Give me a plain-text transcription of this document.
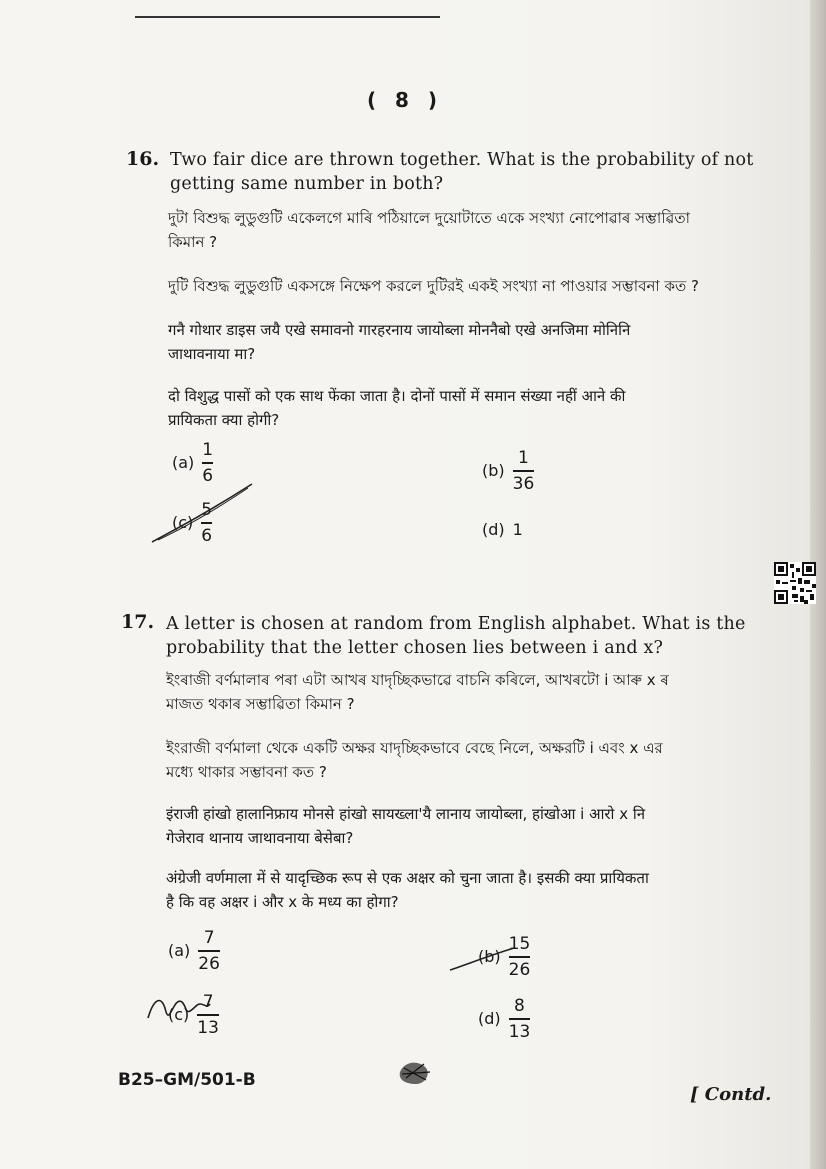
( 8 )
16. Two fair dice are thrown together. What is the probability of not
getting same number in both?
দুটা বিশুদ্ধ লুডুগুটি একেলগে মাৰি পঠিয়ালে দুয়োটাতে একে সংখ্যা নোপোৱাৰ সম্ভাৱিতা
কিমান ?
দুটি বিশুদ্ধ লুডুগুটি একসঙ্গে নিক্ষেপ করলে দুটিরই একই সংখ্যা না পাওয়ার সম্ভাবনা কত ?
गनै गोथार डाइस जयै एखे समावनो गारहरनाय जायोब्ला मोननैबो एखे अनजिमा मोनिनि
जाथावनाया मा?
दो विशुद्ध पासों को एक साथ फेंका जाता है। दोनों पासों में समान संख्या नहीं आने की
प्रायिकता क्या होगी?
$(a) \frac{1}{6}$	$(b) \frac{1}{36}$
$(c) \frac{5}{6}$	(d) 1
17. A letter is chosen at random from English alphabet. What is the
probability that the letter chosen lies between i and x?
ইংৰাজী বৰ্ণমালাৰ পৰা এটা আখৰ যাদৃচ্ছিকভাৱে বাচনি কৰিলে, আখৰটো i আৰু x ৰ
মাজত থকাৰ সম্ভাৱিতা কিমান ?
ইংরাজী বর্ণমালা থেকে একটি অক্ষর যাদৃচ্ছিকভাবে বেছে নিলে, অক্ষরটি i এবং x এর
মধ্যে থাকার সম্ভাবনা কত ?
इंराजी हांखो हालानिफ्राय मोनसे हांखो सायख्ला'यै लानाय जायोब्ला, हांखोआ i आरो x नि
गेजेराव थानाय जाथावनाया बेसेबा?
अंग्रेजी वर्णमाला में से यादृच्छिक रूप से एक अक्षर को चुना जाता है। इसकी क्या प्रायिकता
है कि वह अक्षर i और x के मध्य का होगा?
$(a) \frac{7}{26}$	$(b) \frac{15}{26}$
$(c) \frac{7}{13}$	$(d) \frac{8}{13}$
B25–GM/501-B
[ Contd.
